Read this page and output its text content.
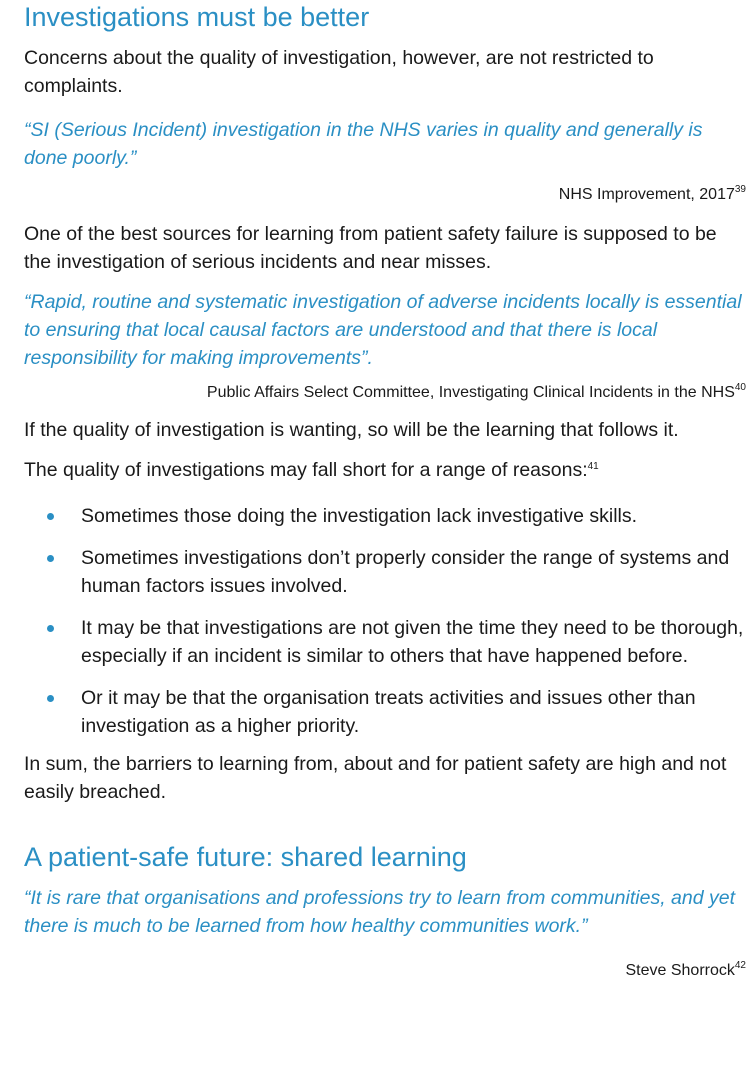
Investigations must be better

Concerns about the quality of investigation, however, are not restricted to complaints.

“SI (Serious Incident) investigation in the NHS varies in quality and generally is done poorly.”

NHS Improvement, 2017$^{39}$

One of the best sources for learning from patient safety failure is supposed to be the investigation of serious incidents and near misses.

“Rapid, routine and systematic investigation of adverse incidents locally is essential to ensuring that local causal factors are understood and that there is local responsibility for making improvements”.

Public Affairs Select Committee, Investigating Clinical Incidents in the NHS$^{40}$

If the quality of investigation is wanting, so will be the learning that follows it.

The quality of investigations may fall short for a range of reasons:$^{41}$

Sometimes those doing the investigation lack investigative skills.
Sometimes investigations don’t properly consider the range of systems and human factors issues involved.
It may be that investigations are not given the time they need to be thorough, especially if an incident is similar to others that have happened before.
Or it may be that the organisation treats activities and issues other than investigation as a higher priority.

In sum, the barriers to learning from, about and for patient safety are high and not easily breached.

A patient-safe future: shared learning

“It is rare that organisations and professions try to learn from communities, and yet there is much to be learned from how healthy communities work.”

Steve Shorrock$^{42}$
